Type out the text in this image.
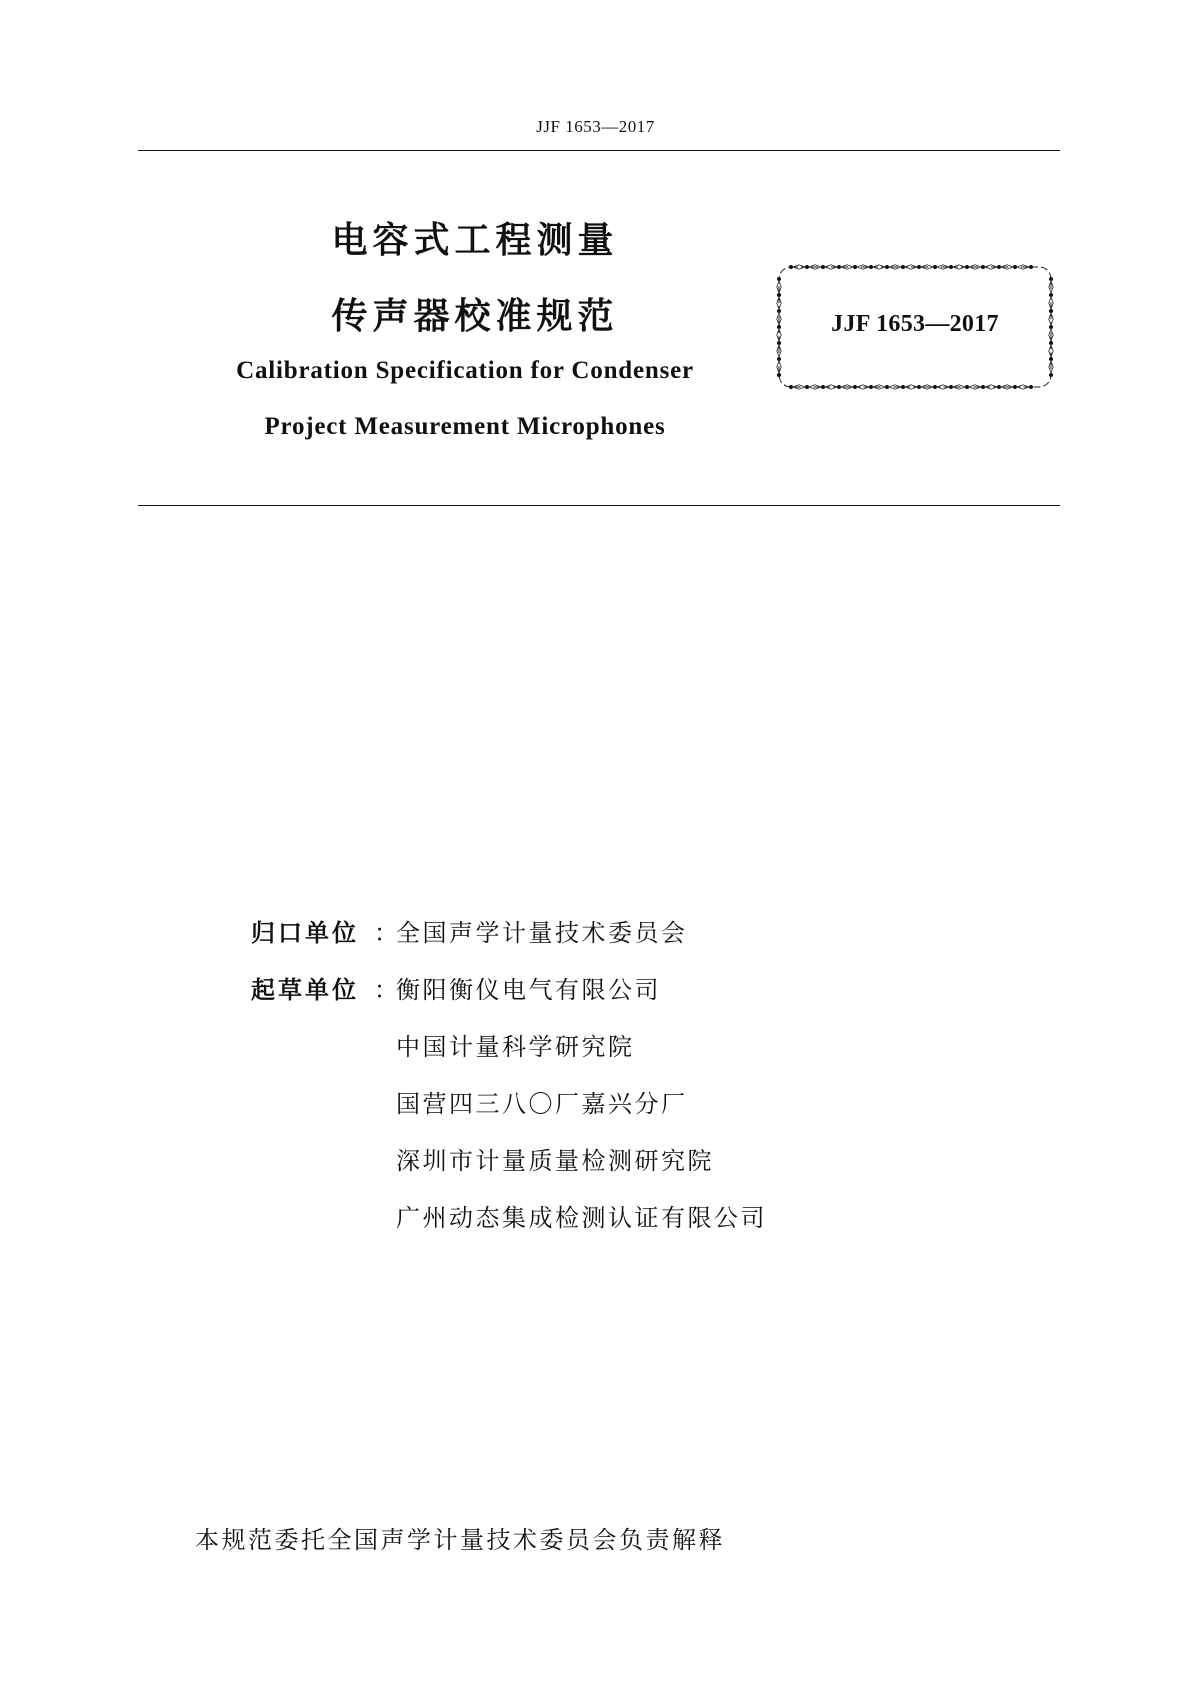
JJF 1653—2017
电容式工程测量
传声器校准规范
Calibration Specification for Condenser
Project Measurement Microphones
JJF 1653—2017
归口单位 ：
全国声学计量技术委员会
起草单位 ：
衡阳衡仪电气有限公司
中国计量科学研究院
国营四三八〇厂嘉兴分厂
深圳市计量质量检测研究院
广州动态集成检测认证有限公司
本规范委托全国声学计量技术委员会负责解释
